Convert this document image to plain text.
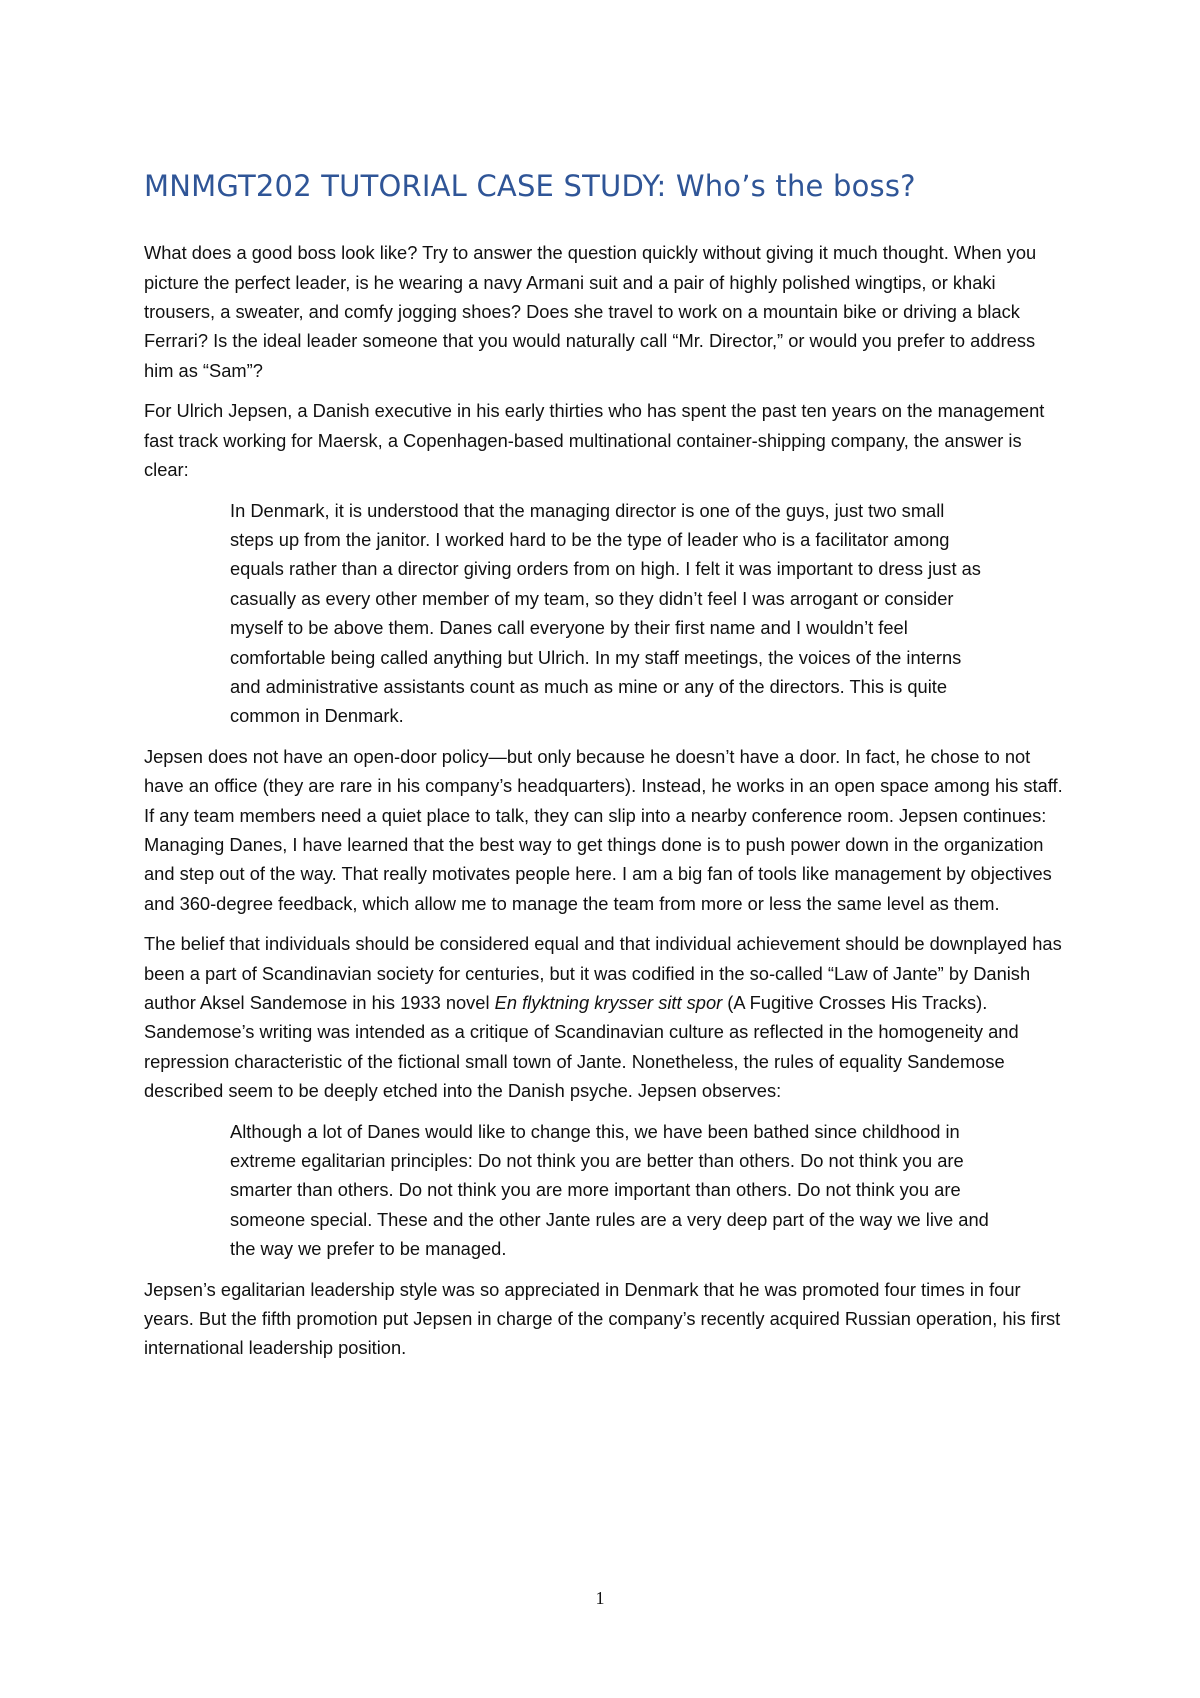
MNMGT202 TUTORIAL CASE STUDY: Who’s the boss?

What does a good boss look like? Try to answer the question quickly without giving it much thought. When you picture the perfect leader, is he wearing a navy Armani suit and a pair of highly polished wingtips, or khaki trousers, a sweater, and comfy jogging shoes? Does she travel to work on a mountain bike or driving a black Ferrari? Is the ideal leader someone that you would naturally call “Mr. Director,” or would you prefer to address him as “Sam”?

For Ulrich Jepsen, a Danish executive in his early thirties who has spent the past ten years on the management fast track working for Maersk, a Copenhagen-based multinational container-shipping company, the answer is clear:

In Denmark, it is understood that the managing director is one of the guys, just two small steps up from the janitor. I worked hard to be the type of leader who is a facilitator among equals rather than a director giving orders from on high. I felt it was important to dress just as casually as every other member of my team, so they didn’t feel I was arrogant or consider myself to be above them. Danes call everyone by their first name and I wouldn’t feel comfortable being called anything but Ulrich. In my staff meetings, the voices of the interns and administrative assistants count as much as mine or any of the directors. This is quite common in Denmark.

Jepsen does not have an open-door policy—but only because he doesn’t have a door. In fact, he chose to not have an office (they are rare in his company’s headquarters). Instead, he works in an open space among his staff. If any team members need a quiet place to talk, they can slip into a nearby conference room. Jepsen continues: Managing Danes, I have learned that the best way to get things done is to push power down in the organization and step out of the way. That really motivates people here. I am a big fan of tools like management by objectives and 360-degree feedback, which allow me to manage the team from more or less the same level as them.

The belief that individuals should be considered equal and that individual achievement should be downplayed has been a part of Scandinavian society for centuries, but it was codified in the so-called “Law of Jante” by Danish author Aksel Sandemose in his 1933 novel En flyktning krysser sitt spor (A Fugitive Crosses His Tracks). Sandemose’s writing was intended as a critique of Scandinavian culture as reflected in the homogeneity and repression characteristic of the fictional small town of Jante. Nonetheless, the rules of equality Sandemose described seem to be deeply etched into the Danish psyche. Jepsen observes:

Although a lot of Danes would like to change this, we have been bathed since childhood in extreme egalitarian principles: Do not think you are better than others. Do not think you are smarter than others. Do not think you are more important than others. Do not think you are someone special. These and the other Jante rules are a very deep part of the way we live and the way we prefer to be managed.

Jepsen’s egalitarian leadership style was so appreciated in Denmark that he was promoted four times in four years. But the fifth promotion put Jepsen in charge of the company’s recently acquired Russian operation, his first international leadership position.

1
